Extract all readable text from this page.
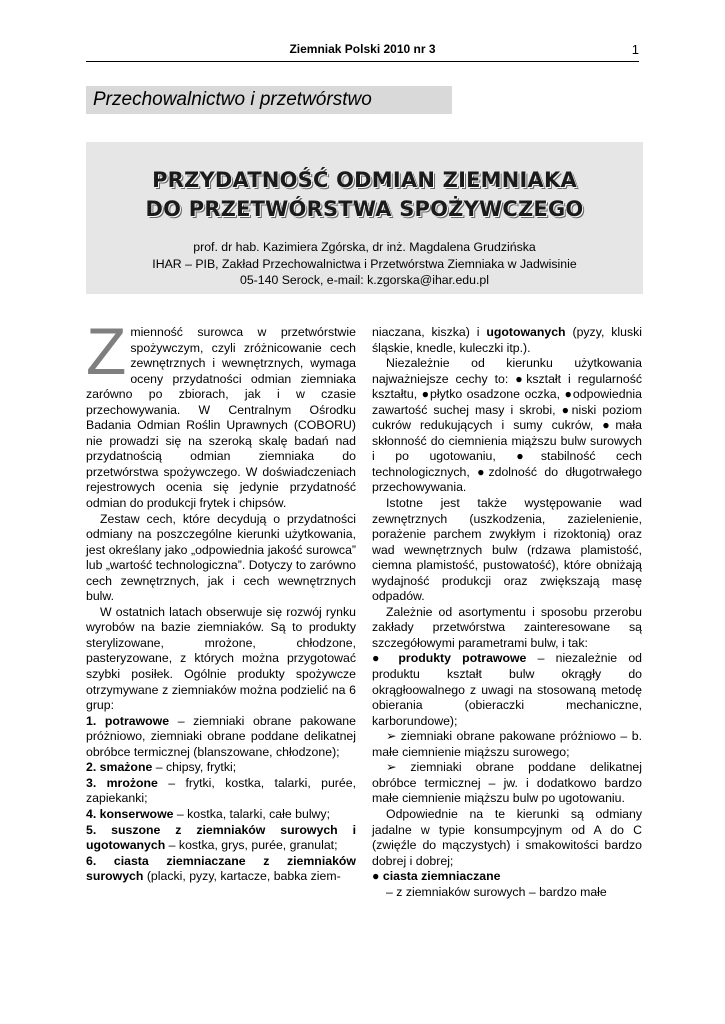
Ziemniak Polski 2010 nr 3	1
Przechowalnictwo i przetwórstwo
PRZYDATNOŚĆ ODMIAN ZIEMNIAKA
DO PRZETWÓRSTWA SPOŻYWCZEGO
prof. dr hab. Kazimiera Zgórska, dr inż. Magdalena Grudzińska
IHAR – PIB, Zakład Przechowalnictwa i Przetwórstwa Ziemniaka w Jadwisinie
05-140 Serock, e-mail: k.zgorska@ihar.edu.pl

Zmienność surowca w przetwórstwie spożywczym, czyli zróżnicowanie cech zewnętrznych i wewnętrznych, wymaga oceny przydatności odmian ziemniaka zarówno po zbiorach, jak i w czasie przechowywania. W Centralnym Ośrodku Badania Odmian Roślin Uprawnych (COBORU) nie prowadzi się na szeroką skalę badań nad przydatnością odmian ziemniaka do przetwórstwa spożywczego. W doświadczeniach rejestrowych ocenia się jedynie przydatność odmian do produkcji frytek i chipsów.

Zestaw cech, które decydują o przydatności odmiany na poszczególne kierunki użytkowania, jest określany jako „odpowiednia jakość surowca” lub „wartość technologiczna”. Dotyczy to zarówno cech zewnętrznych, jak i cech wewnętrznych bulw.

W ostatnich latach obserwuje się rozwój rynku wyrobów na bazie ziemniaków. Są to produkty sterylizowane, mrożone, chłodzone, pasteryzowane, z których można przygotować szybki posiłek. Ogólnie produkty spożywcze otrzymywane z ziemniaków można podzielić na 6 grup:

1. potrawowe – ziemniaki obrane pakowane próżniowo, ziemniaki obrane poddane delikatnej obróbce termicznej (blanszowane, chłodzone);

2. smażone – chipsy, frytki;

3. mrożone – frytki, kostka, talarki, purée, zapiekanki;

4. konserwowe – kostka, talarki, całe bulwy;

5. suszone z ziemniaków surowych i ugotowanych – kostka, grys, purée, granulat;

6. ciasta ziemniaczane z ziemniaków surowych (placki, pyzy, kartacze, babka ziem-

niaczana, kiszka) i ugotowanych (pyzy, kluski śląskie, knedle, kuleczki itp.).

Niezależnie od kierunku użytkowania najważniejsze cechy to: ●kształt i regularność kształtu, ●płytko osadzone oczka, ●odpowiednia zawartość suchej masy i skrobi, ●niski poziom cukrów redukujących i sumy cukrów, ●mała skłonność do ciemnienia miąższu bulw surowych i po ugotowaniu, ●stabilność cech technologicznych, ●zdolność do długotrwałego przechowywania.

Istotne jest także występowanie wad zewnętrznych (uszkodzenia, zazielenienie, porażenie parchem zwykłym i rizoktonią) oraz wad wewnętrznych bulw (rdzawa plamistość, ciemna plamistość, pustowatość), które obniżają wydajność produkcji oraz zwiększają masę odpadów.

Zależnie od asortymentu i sposobu przerobu zakłady przetwórstwa zainteresowane są szczegółowymi parametrami bulw, i tak:

● produkty potrawowe – niezależnie od produktu kształt bulw okrągły do okrągłoowalnego z uwagi na stosowaną metodę obierania (obieraczki mechaniczne, karborundowe);

➢ ziemniaki obrane pakowane próżniowo – b. małe ciemnienie miąższu surowego;

➢ ziemniaki obrane poddane delikatnej obróbce termicznej – jw. i dodatkowo bardzo małe ciemnienie miąższu bulw po ugotowaniu.

Odpowiednie na te kierunki są odmiany jadalne w typie konsumpcyjnym od A do C (zwięźle do mączystych) i smakowitości bardzo dobrej i dobrej;

● ciasta ziemniaczane

– z ziemniaków surowych – bardzo małe
